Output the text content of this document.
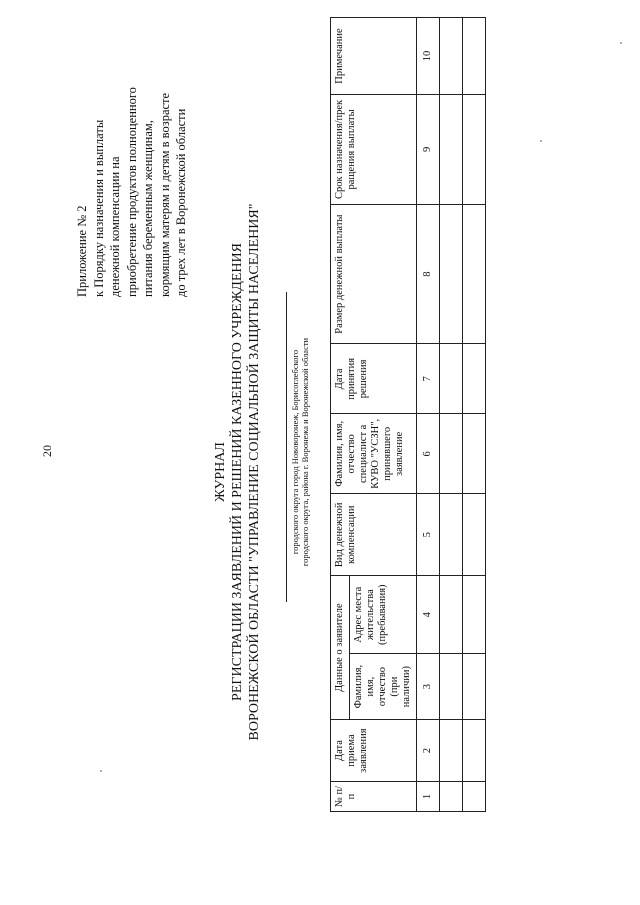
20
Приложение № 2 к Порядку назначения и выплаты денежной компенсации на приобретение продуктов полноценного питания беременным женщинам, кормящим матерям и детям в возрасте до трех лет в Воронежской области
ЖУРНАЛ РЕГИСТРАЦИИ ЗАЯВЛЕНИЙ И РЕШЕНИЙ КАЗЕННОГО УЧРЕЖДЕНИЯ ВОРОНЕЖСКОЙ ОБЛАСТИ "УПРАВЛЕНИЕ СОЦИАЛЬНОЙ ЗАЩИТЫ НАСЕЛЕНИЯ"	городского округа город Нововоронеж, Борисоглебского городского округа, района г. Воронежа и Воронежской области
№ п/п	Дата приема заявления	Данные о заявителе		Вид денежной компенсации	Фамилия, имя, отчество специалист а КУВО "УСЗН", принявшего заявление	Дата принятия решения	Размер денежной выплаты	Срок назначения/прек ращения выплаты	Примечание
		Фамилия, имя, отчество (при наличии)	Адрес места жительства (пребывания)						
1	2	3	4	5	6	7	8	9	10
